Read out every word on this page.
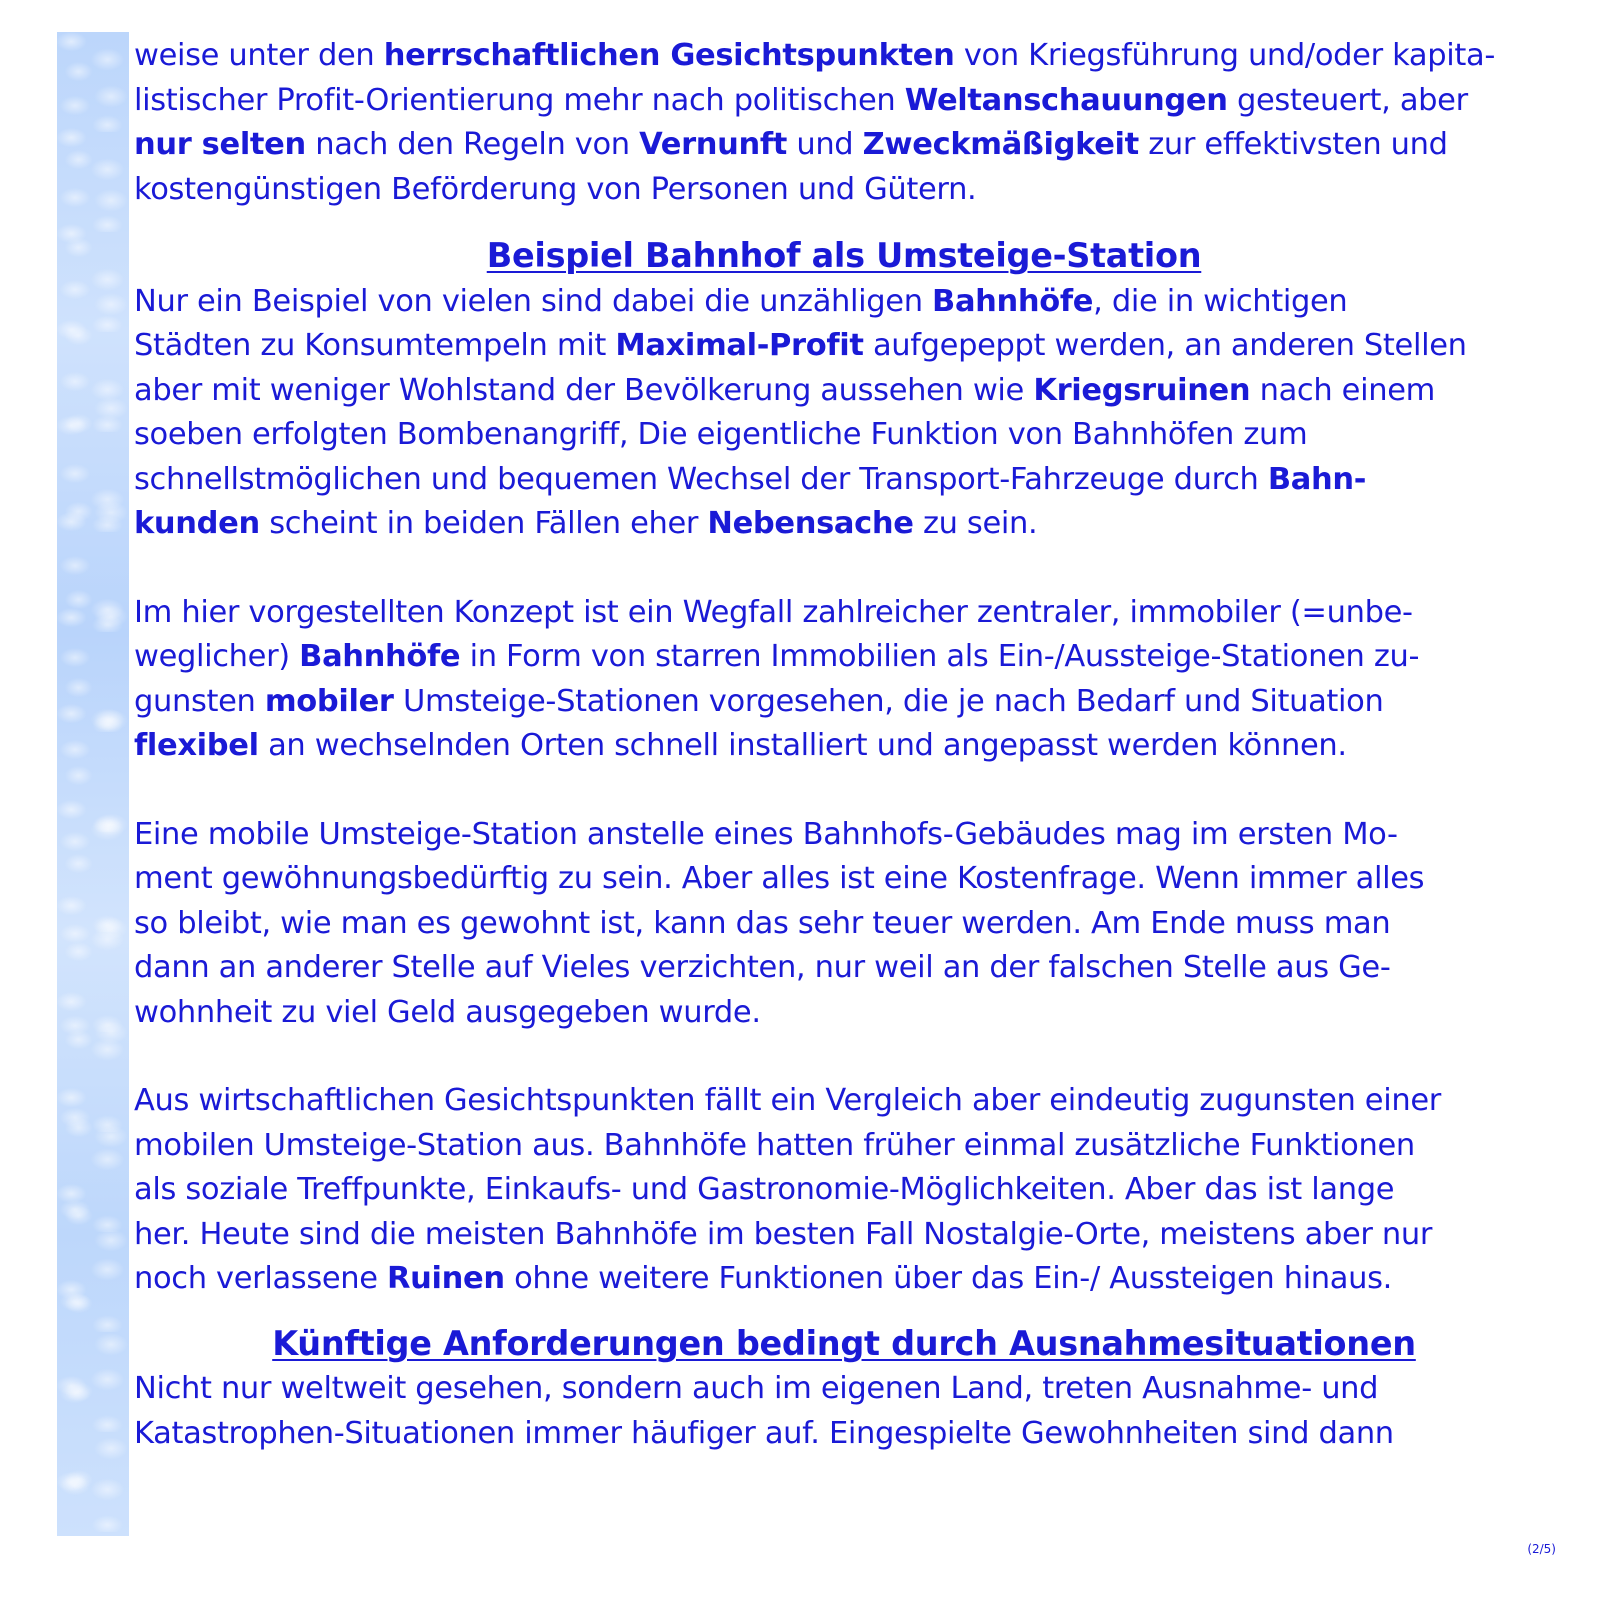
weise unter den herrschaftlichen Gesichtspunkten von Kriegsführung und/oder kapita-
listischer Profit-Orientierung mehr nach politischen Weltanschauungen gesteuert, aber
nur selten nach den Regeln von Vernunft und Zweckmäßigkeit zur effektivsten und
kostengünstigen Beförderung von Personen und Gütern.

Beispiel Bahnhof als Umsteige-Station

Nur ein Beispiel von vielen sind dabei die unzähligen Bahnhöfe, die in wichtigen
Städten zu Konsumtempeln mit Maximal-Profit aufgepeppt werden, an anderen Stellen
aber mit weniger Wohlstand der Bevölkerung aussehen wie Kriegsruinen nach einem
soeben erfolgten Bombenangriff, Die eigentliche Funktion von Bahnhöfen zum
schnellstmöglichen und bequemen Wechsel der Transport-Fahrzeuge durch Bahn-
kunden scheint in beiden Fällen eher Nebensache zu sein.

Im hier vorgestellten Konzept ist ein Wegfall zahlreicher zentraler, immobiler (=unbe-
weglicher) Bahnhöfe in Form von starren Immobilien als Ein-/Aussteige-Stationen zu-
gunsten mobiler Umsteige-Stationen vorgesehen, die je nach Bedarf und Situation
flexibel an wechselnden Orten schnell installiert und angepasst werden können.

Eine mobile Umsteige-Station anstelle eines Bahnhofs-Gebäudes mag im ersten Mo-
ment gewöhnungsbedürftig zu sein. Aber alles ist eine Kostenfrage. Wenn immer alles
so bleibt, wie man es gewohnt ist, kann das sehr teuer werden. Am Ende muss man
dann an anderer Stelle auf Vieles verzichten, nur weil an der falschen Stelle aus Ge-
wohnheit zu viel Geld ausgegeben wurde.

Aus wirtschaftlichen Gesichtspunkten fällt ein Vergleich aber eindeutig zugunsten einer
mobilen Umsteige-Station aus. Bahnhöfe hatten früher einmal zusätzliche Funktionen
als soziale Treffpunkte, Einkaufs- und Gastronomie-Möglichkeiten. Aber das ist lange
her. Heute sind die meisten Bahnhöfe im besten Fall Nostalgie-Orte, meistens aber nur
noch verlassene Ruinen ohne weitere Funktionen über das Ein-/ Aussteigen hinaus.

Künftige Anforderungen bedingt durch Ausnahmesituationen

Nicht nur weltweit gesehen, sondern auch im eigenen Land, treten Ausnahme- und
Katastrophen-Situationen immer häufiger auf. Eingespielte Gewohnheiten sind dann

(2/5)
